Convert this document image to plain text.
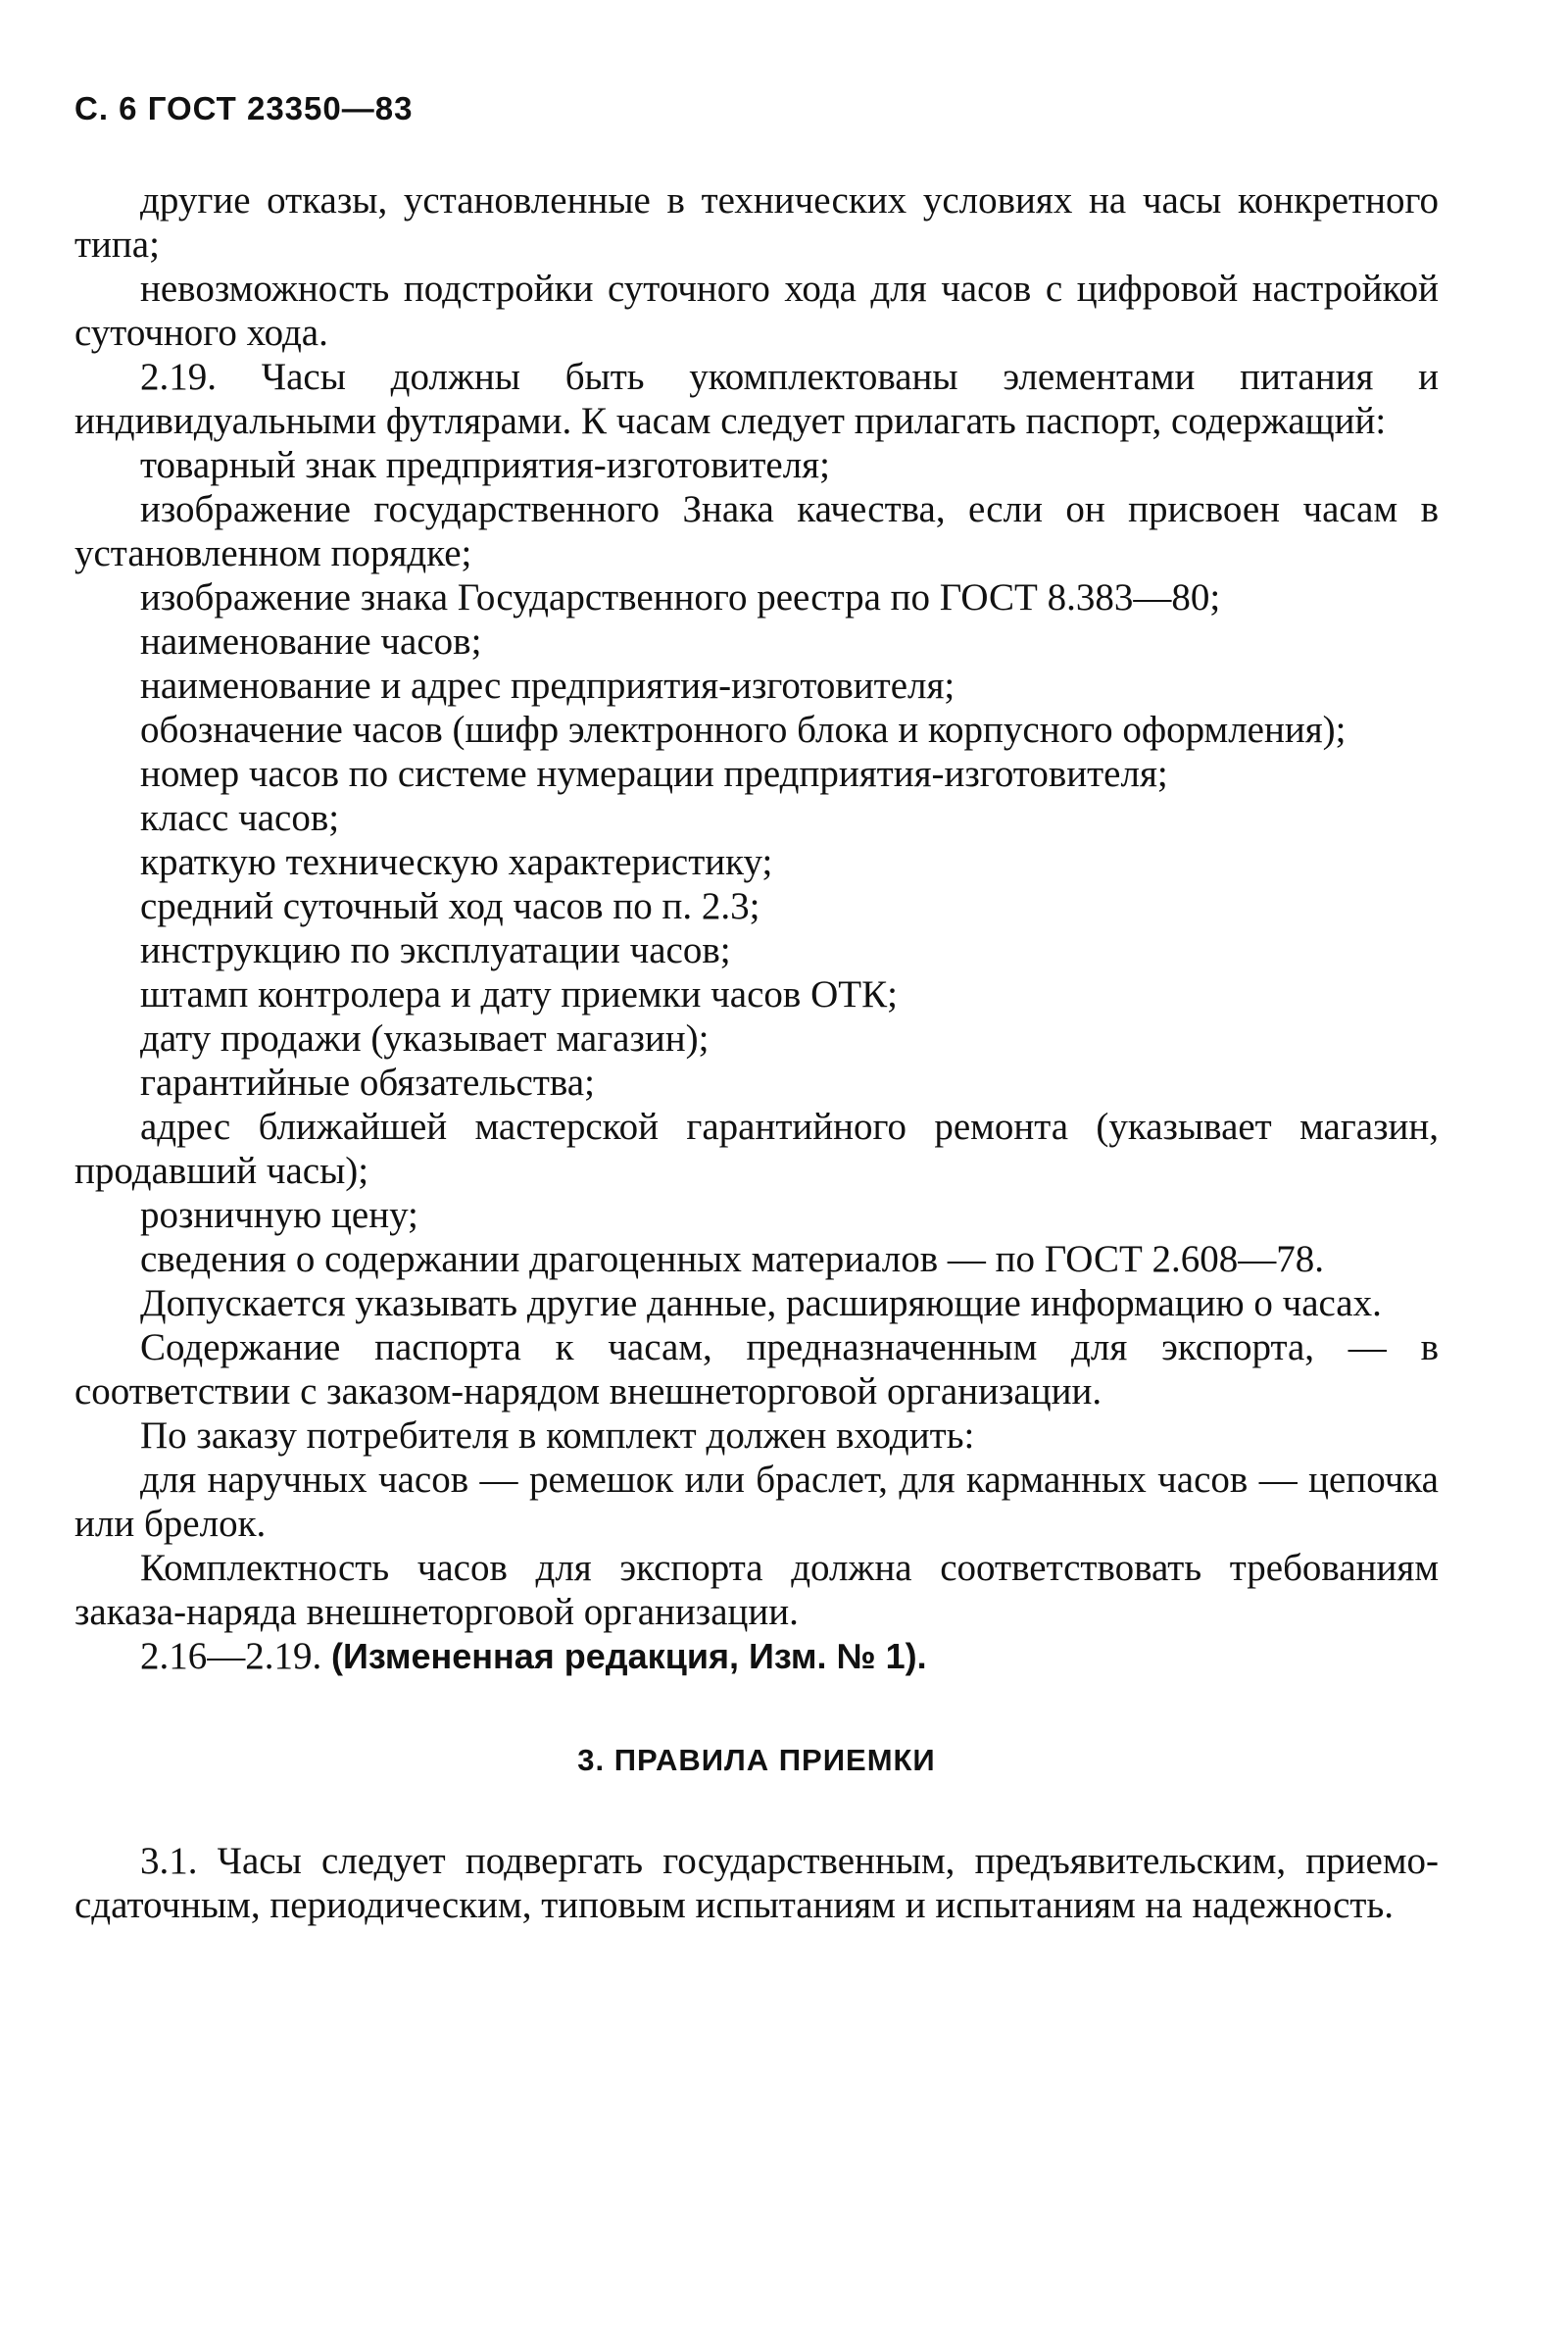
С. 6 ГОСТ 23350—83

другие отказы, установленные в технических условиях на часы конкретного типа;

невозможность подстройки суточного хода для часов с цифровой настройкой суточного хода.

2.19. Часы должны быть укомплектованы элементами питания и индивидуальными футлярами. К часам следует прилагать паспорт, содержащий:

товарный знак предприятия-изготовителя;

изображение государственного Знака качества, если он присвоен часам в установленном порядке;

изображение знака Государственного реестра по ГОСТ 8.383—80;

наименование часов;

наименование и адрес предприятия-изготовителя;

обозначение часов (шифр электронного блока и корпусного оформления);

номер часов по системе нумерации предприятия-изготовителя;

класс часов;

краткую техническую характеристику;

средний суточный ход часов по п. 2.3;

инструкцию по эксплуатации часов;

штамп контролера и дату приемки часов ОТК;

дату продажи (указывает магазин);

гарантийные обязательства;

адрес ближайшей мастерской гарантийного ремонта (указывает магазин, продавший часы);

розничную цену;

сведения о содержании драгоценных материалов — по ГОСТ 2.608—78.

Допускается указывать другие данные, расширяющие информацию о часах.

Содержание паспорта к часам, предназначенным для экспорта, — в соответствии с заказом-нарядом внешнеторговой организации.

По заказу потребителя в комплект должен входить:

для наручных часов — ремешок или браслет, для карманных часов — цепочка или брелок.

Комплектность часов для экспорта должна соответствовать требованиям заказа-наряда внешнеторговой организации.

2.16—2.19. (Измененная редакция, Изм. № 1).

3. ПРАВИЛА ПРИЕМКИ

3.1. Часы следует подвергать государственным, предъявительским, приемо-сдаточным, периодическим, типовым испытаниям и испытаниям на надежность.
